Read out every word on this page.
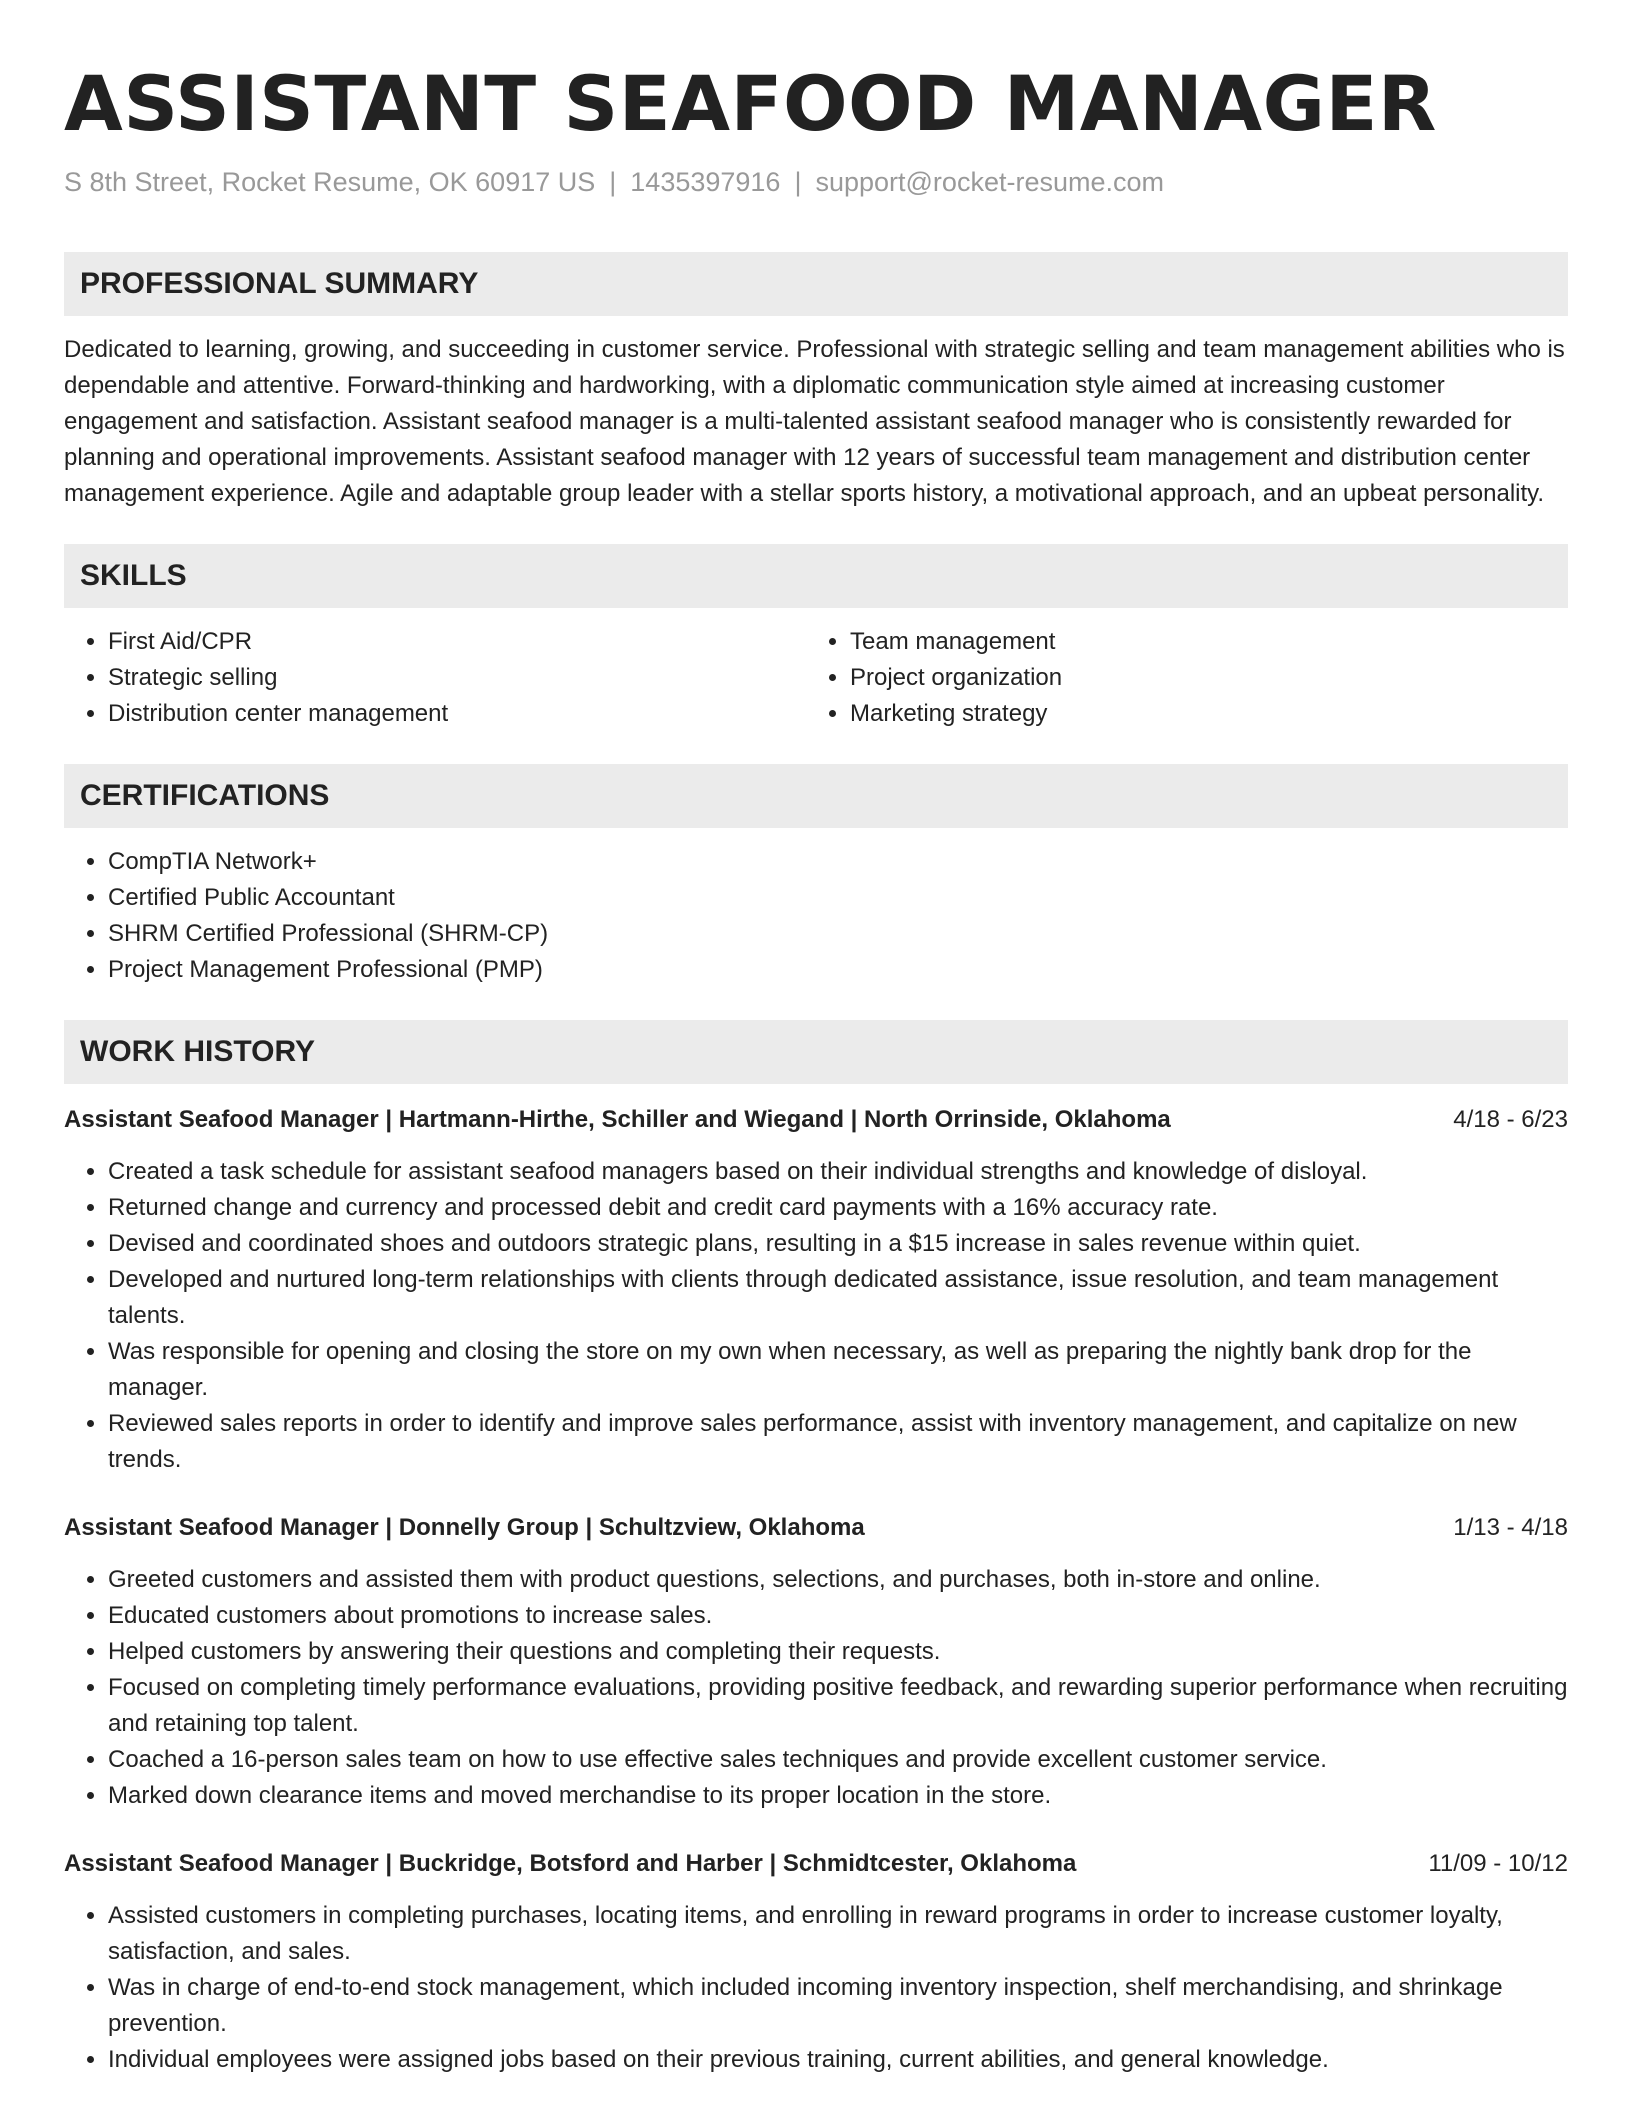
ASSISTANT SEAFOOD MANAGER
S 8th Street, Rocket Resume, OK 60917 US | 1435397916 | support@rocket-resume.com
PROFESSIONAL SUMMARY
Dedicated to learning, growing, and succeeding in customer service. Professional with strategic selling and team management abilities who is dependable and attentive. Forward-thinking and hardworking, with a diplomatic communication style aimed at increasing customer engagement and satisfaction. Assistant seafood manager is a multi-talented assistant seafood manager who is consistently rewarded for planning and operational improvements. Assistant seafood manager with 12 years of successful team management and distribution center management experience. Agile and adaptable group leader with a stellar sports history, a motivational approach, and an upbeat personality.
SKILLS
• First Aid/CPR
• Strategic selling
• Distribution center management
• Team management
• Project organization
• Marketing strategy
CERTIFICATIONS
• CompTIA Network+
• Certified Public Accountant
• SHRM Certified Professional (SHRM-CP)
• Project Management Professional (PMP)
WORK HISTORY
Assistant Seafood Manager | Hartmann-Hirthe, Schiller and Wiegand | North Orrinside, Oklahoma	4/18 - 6/23
• Created a task schedule for assistant seafood managers based on their individual strengths and knowledge of disloyal.
• Returned change and currency and processed debit and credit card payments with a 16% accuracy rate.
• Devised and coordinated shoes and outdoors strategic plans, resulting in a $15 increase in sales revenue within quiet.
• Developed and nurtured long-term relationships with clients through dedicated assistance, issue resolution, and team management talents.
• Was responsible for opening and closing the store on my own when necessary, as well as preparing the nightly bank drop for the manager.
• Reviewed sales reports in order to identify and improve sales performance, assist with inventory management, and capitalize on new trends.
Assistant Seafood Manager | Donnelly Group | Schultzview, Oklahoma	1/13 - 4/18
• Greeted customers and assisted them with product questions, selections, and purchases, both in-store and online.
• Educated customers about promotions to increase sales.
• Helped customers by answering their questions and completing their requests.
• Focused on completing timely performance evaluations, providing positive feedback, and rewarding superior performance when recruiting and retaining top talent.
• Coached a 16-person sales team on how to use effective sales techniques and provide excellent customer service.
• Marked down clearance items and moved merchandise to its proper location in the store.
Assistant Seafood Manager | Buckridge, Botsford and Harber | Schmidtcester, Oklahoma	11/09 - 10/12
• Assisted customers in completing purchases, locating items, and enrolling in reward programs in order to increase customer loyalty, satisfaction, and sales.
• Was in charge of end-to-end stock management, which included incoming inventory inspection, shelf merchandising, and shrinkage prevention.
• Individual employees were assigned jobs based on their previous training, current abilities, and general knowledge.
